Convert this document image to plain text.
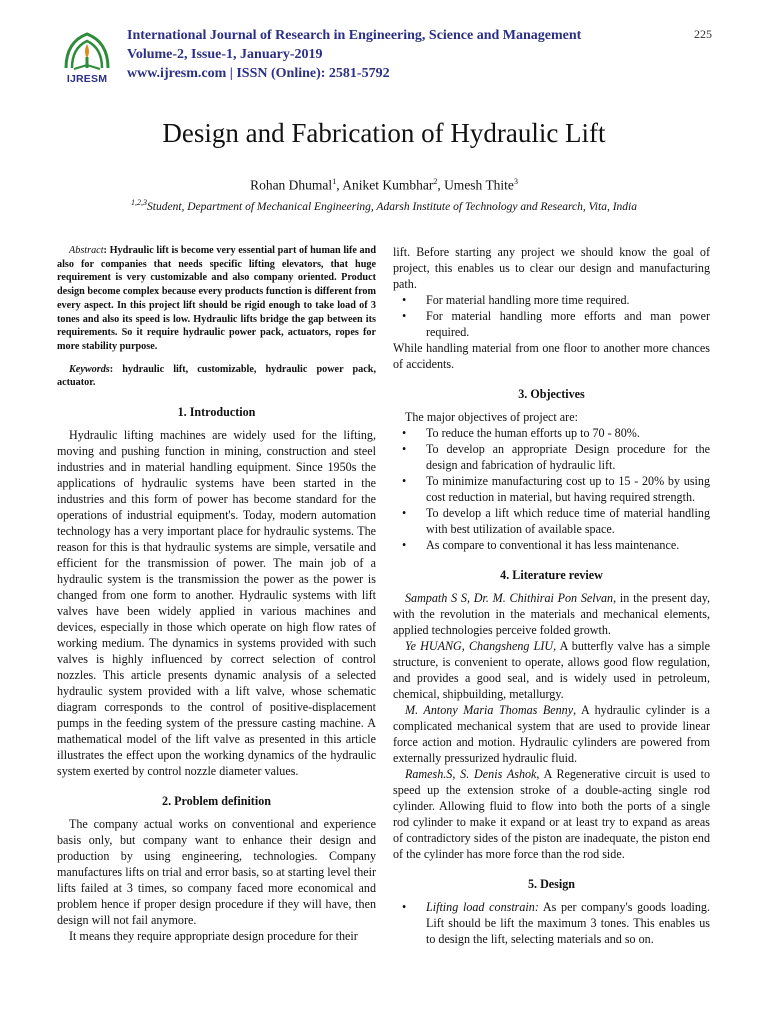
IJRESM
International Journal of Research in Engineering, Science and Management
Volume-2, Issue-1, January-2019
www.ijresm.com | ISSN (Online): 2581-5792
225
Design and Fabrication of Hydraulic Lift
Rohan Dhumal$^1$, Aniket Kumbhar$^2$, Umesh Thite$^3$
$^{1,2,3}$Student, Department of Mechanical Engineering, Adarsh Institute of Technology and Research, Vita, India

Abstract: Hydraulic lift is become very essential part of human life and also for companies that needs specific lifting elevators, that huge requirement is very customizable and also company oriented. Product design become complex because every products function is different from every aspect. In this project lift should be rigid enough to take load of 3 tones and also its speed is low. Hydraulic lifts bridge the gap between its requirements. So it require hydraulic power pack, actuators, ropes for more stability purpose.

Keywords: hydraulic lift, customizable, hydraulic power pack, actuator.

1. Introduction

Hydraulic lifting machines are widely used for the lifting, moving and pushing function in mining, construction and steel industries and in material handling equipment. Since 1950s the applications of hydraulic systems have been started in the industries and this form of power has become standard for the operations of industrial equipment's. Today, modern automation technology has a very important place for hydraulic systems. The reason for this is that hydraulic systems are simple, versatile and efficient for the transmission of power. The main job of a hydraulic system is the transmission the power as the power is changed from one form to another. Hydraulic systems with lift valves have been widely applied in various machines and devices, especially in those which operate on high flow rates of working medium. The dynamics in systems provided with such valves is highly influenced by correct selection of control nozzles. This article presents dynamic analysis of a selected hydraulic system provided with a lift valve, whose schematic diagram corresponds to the control of positive-displacement pumps in the feeding system of the pressure casting machine. A mathematical model of the lift valve as presented in this article illustrates the effect upon the working dynamics of the hydraulic system exerted by control nozzle diameter values.

2. Problem definition

The company actual works on conventional and experience basis only, but company want to enhance their design and production by using engineering, technologies. Company manufactures lifts on trial and error basis, so at starting level their lifts failed at 3 times, so company faced more economical and problem hence if proper design procedure if they will have, then design will not fail anymore.

It means they require appropriate design procedure for their

lift. Before starting any project we should know the goal of project, this enables us to clear our design and manufacturing path.

• For material handling more time required.
• For material handling more efforts and man power required.

While handling material from one floor to another more chances of accidents.

3. Objectives

The major objectives of project are:

• To reduce the human efforts up to 70 - 80%.
• To develop an appropriate Design procedure for the design and fabrication of hydraulic lift.
• To minimize manufacturing cost up to 15 - 20% by using cost reduction in material, but having required strength.
• To develop a lift which reduce time of material handling with best utilization of available space.
• As compare to conventional it has less maintenance.
4. Literature review

Sampath S S, Dr. M. Chithirai Pon Selvan, in the present day, with the revolution in the materials and mechanical elements, applied technologies perceive folded growth.

Ye HUANG, Changsheng LIU, A butterfly valve has a simple structure, is convenient to operate, allows good flow regulation, and provides a good seal, and is widely used in petroleum, chemical, shipbuilding, metallurgy.

M. Antony Maria Thomas Benny, A hydraulic cylinder is a complicated mechanical system that are used to provide linear force action and motion. Hydraulic cylinders are powered from externally pressurized hydraulic fluid.

Ramesh.S, S. Denis Ashok, A Regenerative circuit is used to speed up the extension stroke of a double-acting single rod cylinder. Allowing fluid to flow into both the ports of a single rod cylinder to make it expand or at least try to expand as areas of contradictory sides of the piston are inadequate, the piston end of the cylinder has more force than the rod side.

5. Design
• Lifting load constrain: As per company's goods loading. Lift should be lift the maximum 3 tones. This enables us to design the lift, selecting materials and so on.
